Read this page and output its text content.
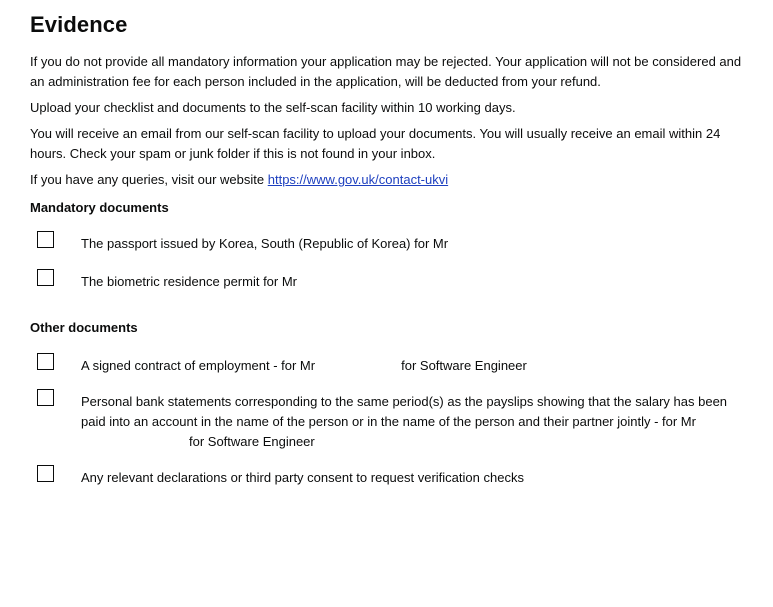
Evidence

If you do not provide all mandatory information your application may be rejected. Your application will not be considered and an administration fee for each person included in the application, will be deducted from your refund.

Upload your checklist and documents to the self-scan facility within 10 working days.

You will receive an email from our self-scan facility to upload your documents. You will usually receive an email within 24 hours. Check your spam or junk folder if this is not found in your inbox.

If you have any queries, visit our website https://www.gov.uk/contact-ukvi

Mandatory documents
The passport issued by Korea, South (Republic of Korea) for Mr
The biometric residence permit for Mr
Other documents
A signed contract of employment - for Mr	for Software Engineer
Personal bank statements corresponding to the same period(s) as the payslips showing that the salary has been paid into an account in the name of the person or in the name of the person and their partner jointly - for Mrfor Software Engineer
Any relevant declarations or third party consent to request verification checks
